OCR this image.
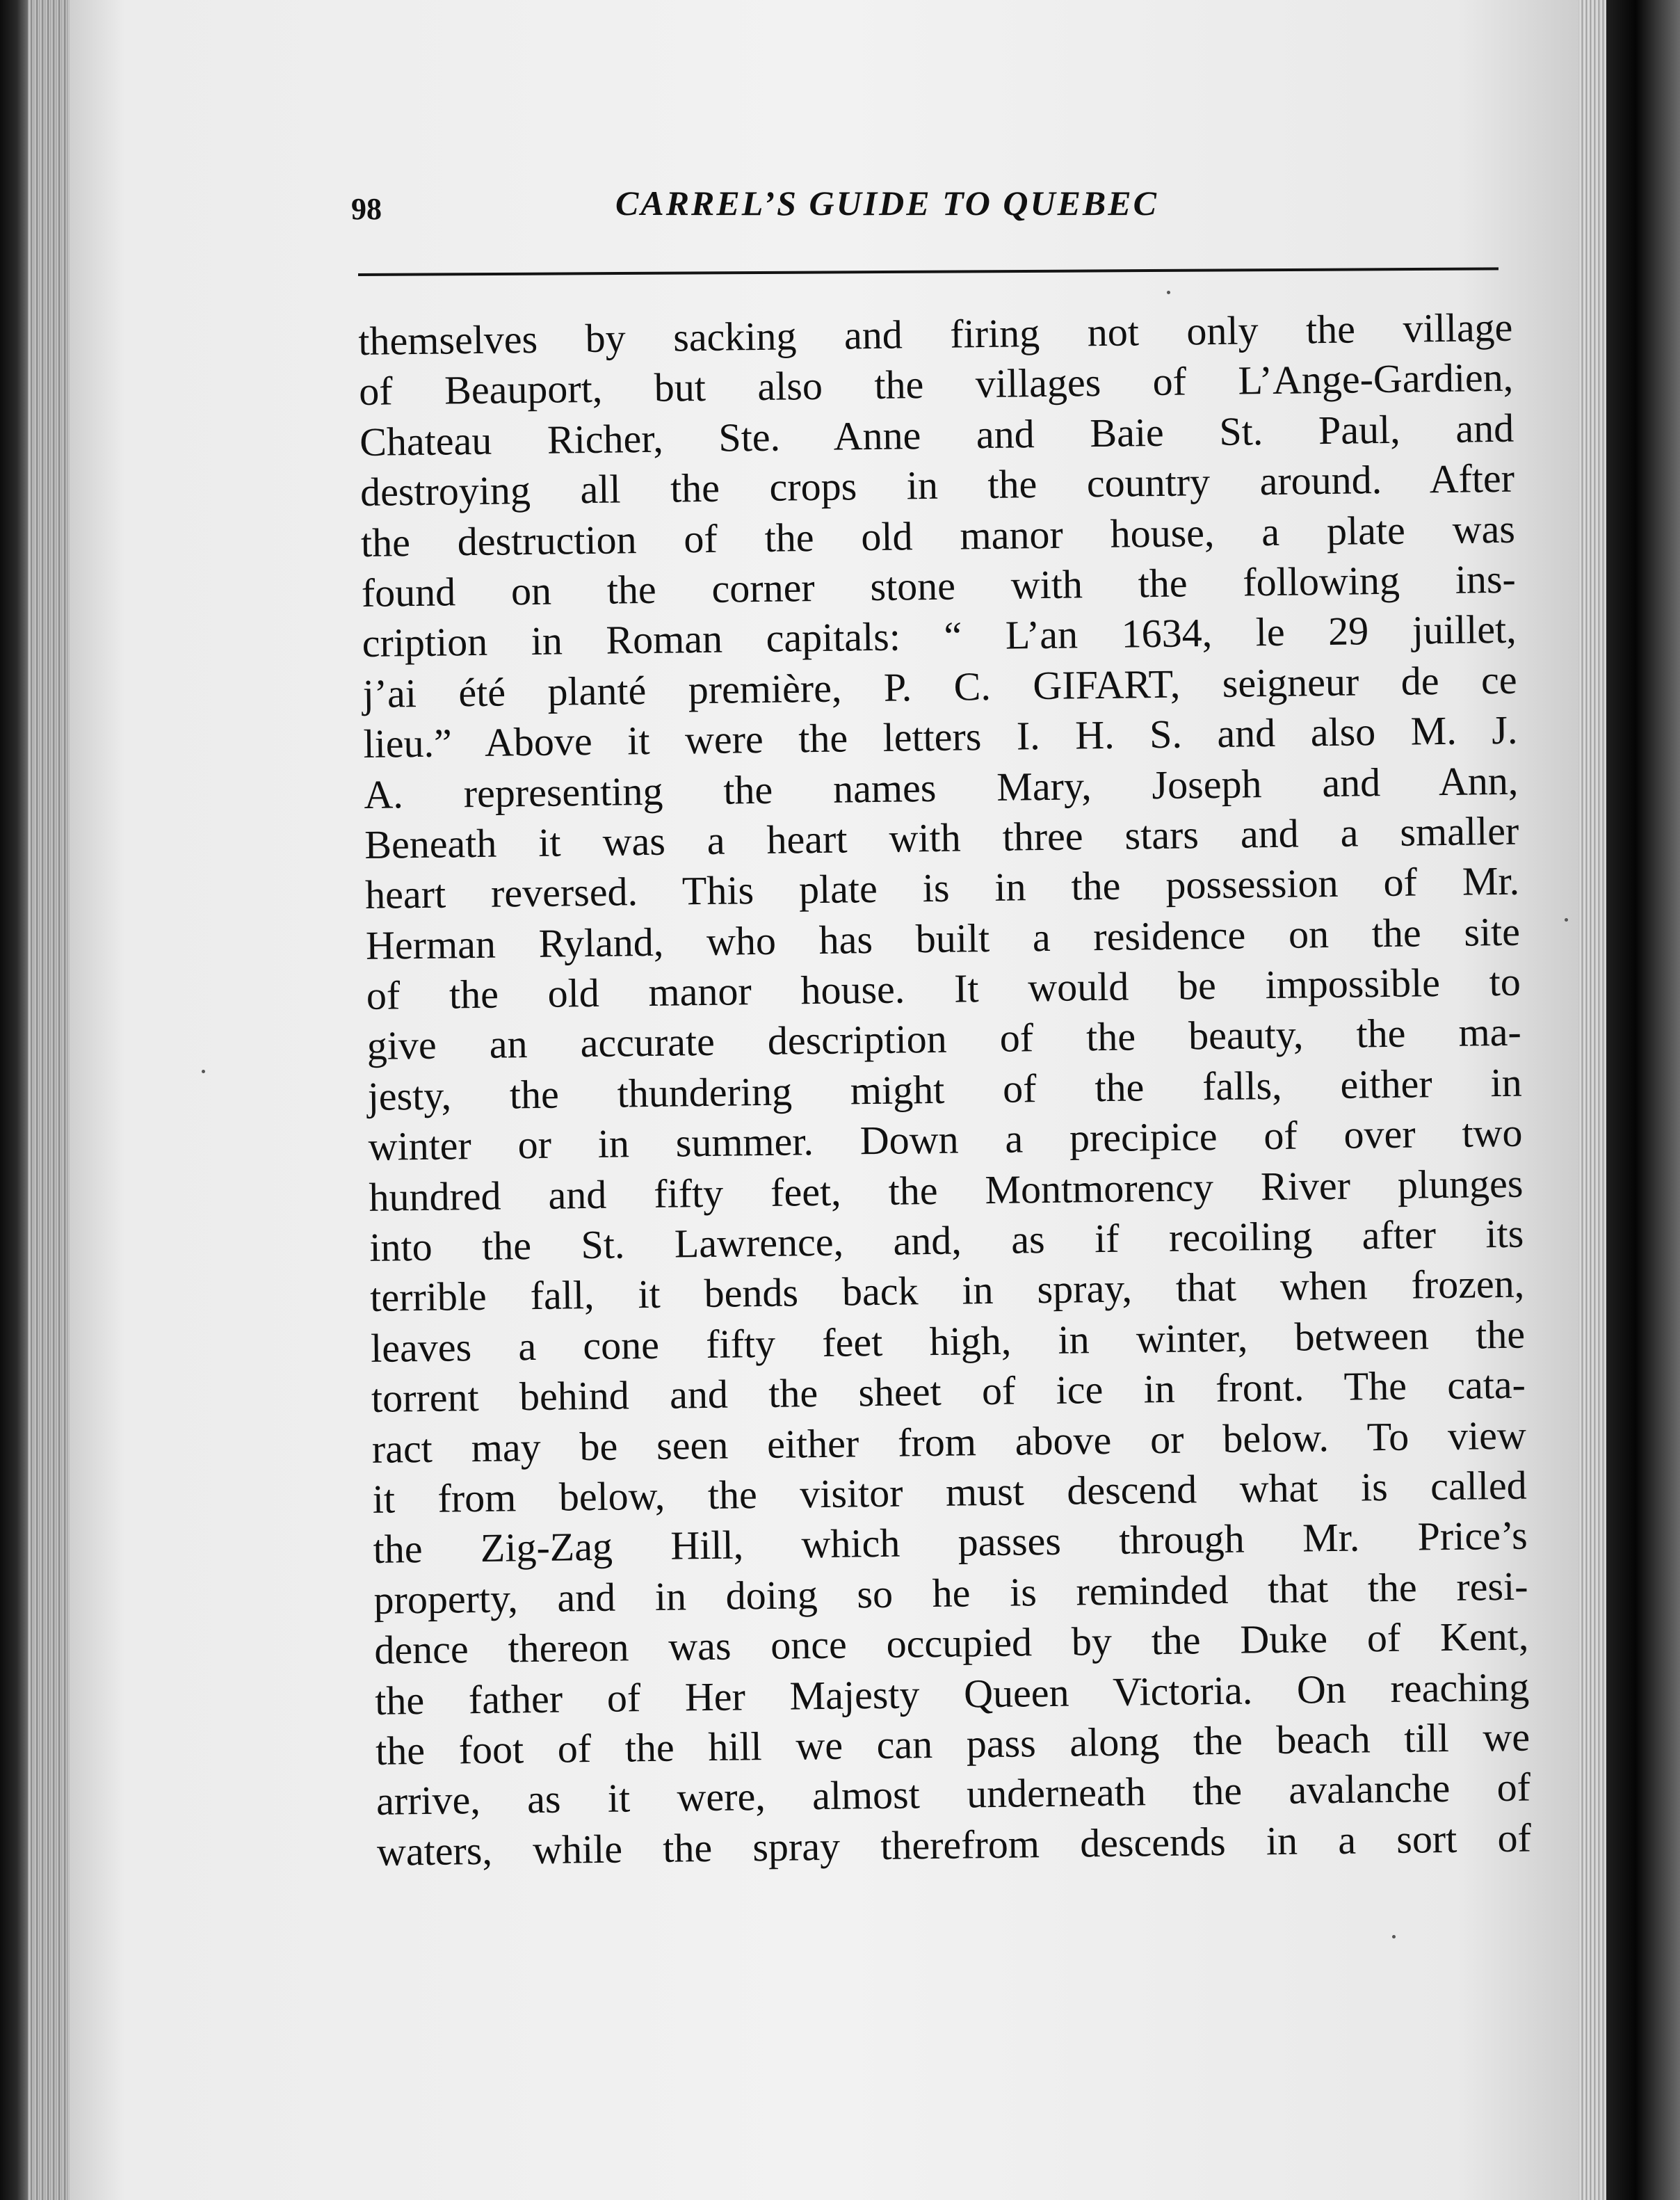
98	CARREL’S GUIDE TO QUEBEC
themselves by sacking and firing not only the village
of Beauport, but also the villages of L’Ange-Gardien,
Chateau Richer, Ste. Anne and Baie St. Paul, and
destroying all the crops in the country around. After
the destruction of the old manor house, a plate was
found on the corner stone with the following ins-
cription in Roman capitals: “ L’an 1634, le 29 juillet,
j’ai été planté première, P. C. GIFART, seigneur de ce
lieu.” Above it were the letters I. H. S. and also M. J.
A. representing the names Mary, Joseph and Ann,
Beneath it was a heart with three stars and a smaller
heart reversed. This plate is in the possession of Mr.
Herman Ryland, who has built a residence on the site
of the old manor house. It would be impossible to
give an accurate description of the beauty, the ma-
jesty, the thundering might of the falls, either in
winter or in summer. Down a precipice of over two
hundred and fifty feet, the Montmorency River plunges
into the St. Lawrence, and, as if recoiling after its
terrible fall, it bends back in spray, that when frozen,
leaves a cone fifty feet high, in winter, between the
torrent behind and the sheet of ice in front. The cata-
ract may be seen either from above or below. To view
it from below, the visitor must descend what is called
the Zig-Zag Hill, which passes through Mr. Price’s
property, and in doing so he is reminded that the resi-
dence thereon was once occupied by the Duke of Kent,
the father of Her Majesty Queen Victoria. On reaching
the foot of the hill we can pass along the beach till we
arrive, as it were, almost underneath the avalanche of
waters, while the spray therefrom descends in a sort of
